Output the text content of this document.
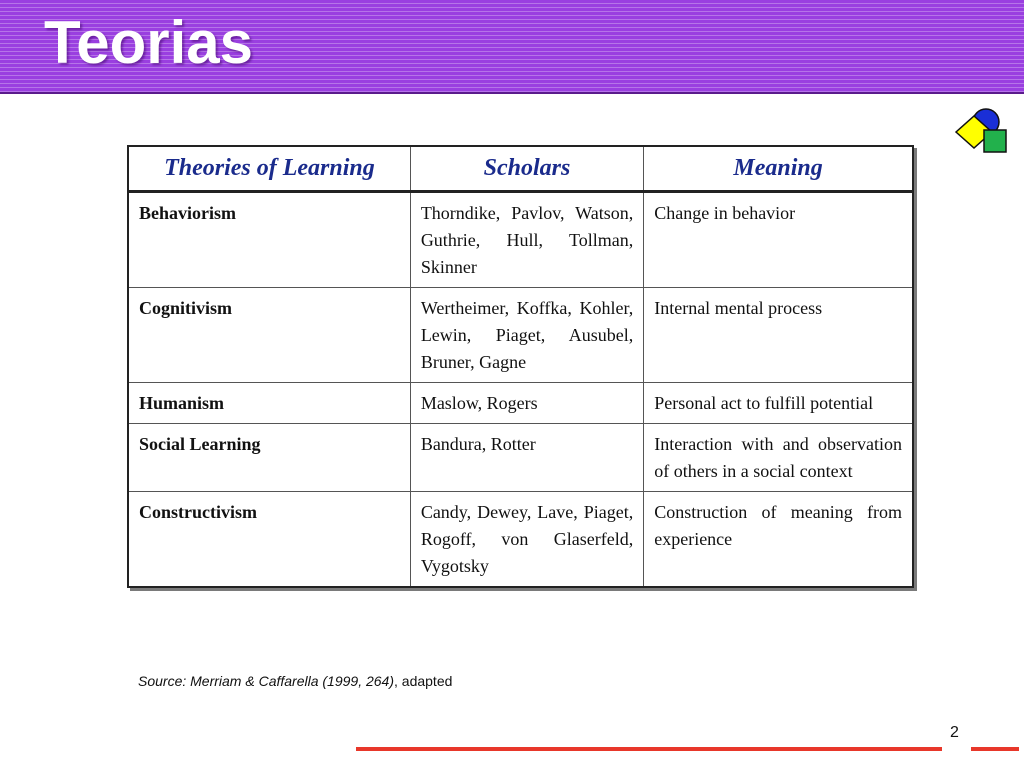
Teorias
Theories of Learning	Scholars	Meaning
Behaviorism	Thorndike, Pavlov, Watson, Guthrie, Hull, Tollman, Skinner	Change in behavior
Cognitivism	Wertheimer, Koffka, Kohler, Lewin, Piaget, Ausubel, Bruner, Gagne	Internal mental process
Humanism	Maslow, Rogers	Personal act to fulfill potential
Social Learning	Bandura, Rotter	Interaction with and observation of others in a social context
Constructivism	Candy, Dewey, Lave, Piaget, Rogoff, von Glaserfeld, Vygotsky	Construction of meaning from experience
Source: Merriam & Caffarella (1999, 264), adapted
2
